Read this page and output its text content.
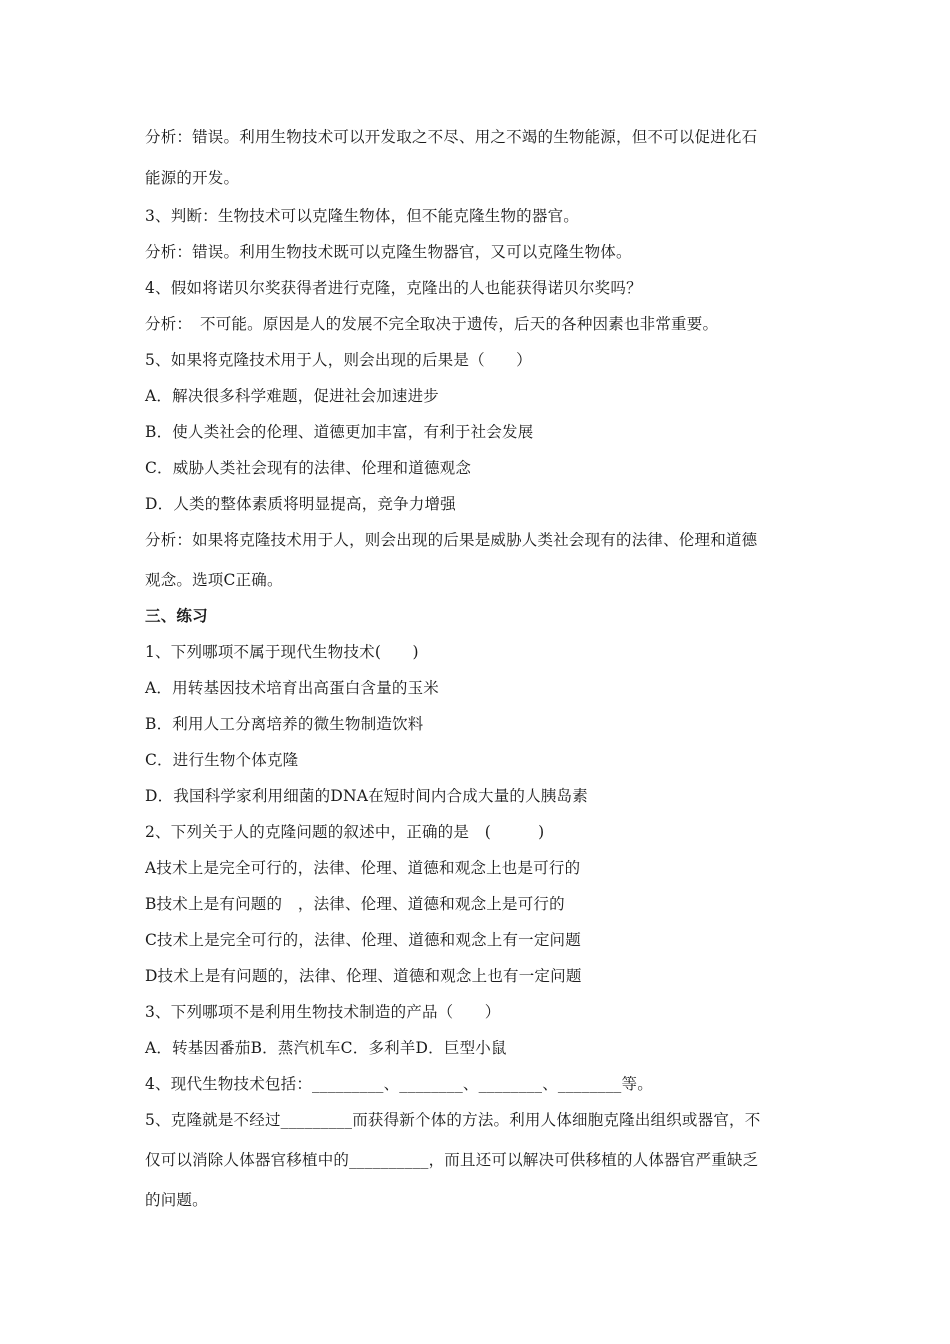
分析：错误。利用生物技术可以开发取之不尽、用之不竭的生物能源，但不可以促进化石
能源的开发。
3、判断：生物技术可以克隆生物体，但不能克隆生物的器官。
分析：错误。利用生物技术既可以克隆生物器官，又可以克隆生物体。
4、假如将诺贝尔奖获得者进行克隆，克隆出的人也能获得诺贝尔奖吗？
分析：　不可能。原因是人的发展不完全取决于遗传，后天的各种因素也非常重要。
5、如果将克隆技术用于人，则会出现的后果是（　　）
A．解决很多科学难题，促进社会加速进步
B．使人类社会的伦理、道德更加丰富，有利于社会发展
C．威胁人类社会现有的法律、伦理和道德观念
D．人类的整体素质将明显提高，竞争力增强
分析：如果将克隆技术用于人，则会出现的后果是威胁人类社会现有的法律、伦理和道德
观念。选项C正确。
三、练习
1、下列哪项不属于现代生物技术(　　)
A．用转基因技术培育出高蛋白含量的玉米
B．利用人工分离培养的微生物制造饮料
C．进行生物个体克隆
D．我国科学家利用细菌的DNA在短时间内合成大量的人胰岛素
2、下列关于人的克隆问题的叙述中，正确的是　(　　　)
A技术上是完全可行的，法律、伦理、道德和观念上也是可行的
B技术上是有问题的　，法律、伦理、道德和观念上是可行的
C技术上是完全可行的，法律、伦理、道德和观念上有一定问题
D技术上是有问题的，法律、伦理、道德和观念上也有一定问题
3、下列哪项不是利用生物技术制造的产品（　　）
A．转基因番茄B．蒸汽机车C．多利羊D．巨型小鼠
4、现代生物技术包括：_________、________、________、________等。
5、克隆就是不经过_________而获得新个体的方法。利用人体细胞克隆出组织或器官，不
仅可以消除人体器官移植中的__________，而且还可以解决可供移植的人体器官严重缺乏
的问题。
